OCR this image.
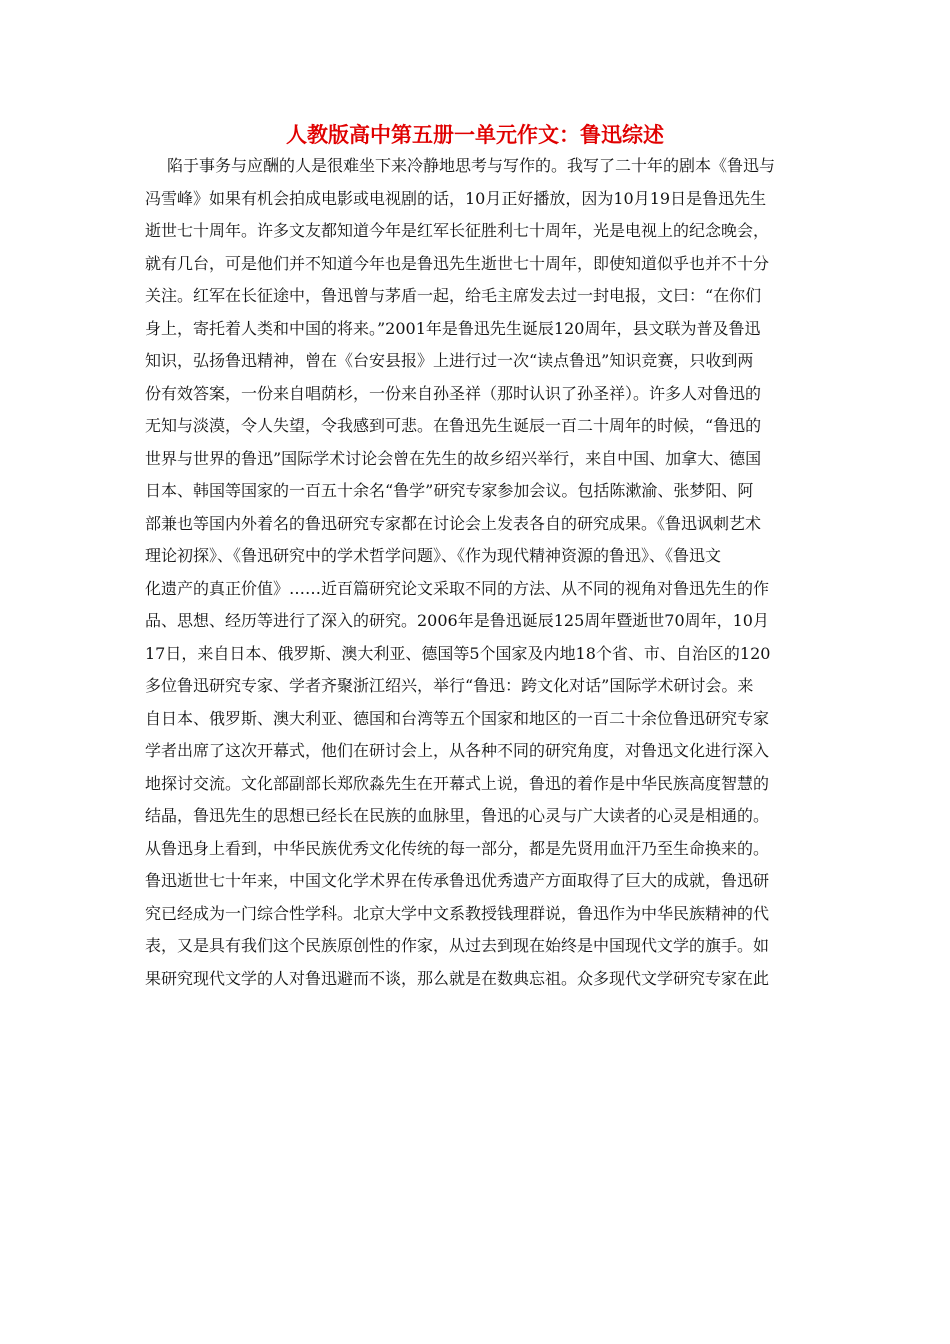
人教版高中第五册一单元作文：鲁迅综述
陷于事务与应酬的人是很难坐下来冷静地思考与写作的。我写了二十年的剧本《鲁迅与
冯雪峰》如果有机会拍成电影或电视剧的话，10月正好播放，因为10月19日是鲁迅先生
逝世七十周年。许多文友都知道今年是红军长征胜利七十周年，光是电视上的纪念晚会，
就有几台，可是他们并不知道今年也是鲁迅先生逝世七十周年，即使知道似乎也并不十分
关注。红军在长征途中，鲁迅曾与茅盾一起，给毛主席发去过一封电报，文曰：“在你们
身上，寄托着人类和中国的将来。”2001年是鲁迅先生诞辰120周年，县文联为普及鲁迅
知识，弘扬鲁迅精神，曾在《台安县报》上进行过一次“读点鲁迅”知识竞赛，只收到两
份有效答案，一份来自唱荫杉，一份来自孙圣祥（那时认识了孙圣祥）。许多人对鲁迅的
无知与淡漠，令人失望，令我感到可悲。在鲁迅先生诞辰一百二十周年的时候，“鲁迅的
世界与世界的鲁迅”国际学术讨论会曾在先生的故乡绍兴举行，来自中国、加拿大、德国
日本、韩国等国家的一百五十余名“鲁学”研究专家参加会议。包括陈漱渝、张梦阳、阿
部兼也等国内外着名的鲁迅研究专家都在讨论会上发表各自的研究成果。《鲁迅讽刺艺术
理论初探》、《鲁迅研究中的学术哲学问题》、《作为现代精神资源的鲁迅》、《鲁迅文
化遗产的真正价值》……近百篇研究论文采取不同的方法、从不同的视角对鲁迅先生的作
品、思想、经历等进行了深入的研究。2006年是鲁迅诞辰125周年暨逝世70周年，10月
17日，来自日本、俄罗斯、澳大利亚、德国等5个国家及内地18个省、市、自治区的120
多位鲁迅研究专家、学者齐聚浙江绍兴，举行“鲁迅：跨文化对话”国际学术研讨会。来
自日本、俄罗斯、澳大利亚、德国和台湾等五个国家和地区的一百二十余位鲁迅研究专家
学者出席了这次开幕式，他们在研讨会上，从各种不同的研究角度，对鲁迅文化进行深入
地探讨交流。文化部副部长郑欣淼先生在开幕式上说，鲁迅的着作是中华民族高度智慧的
结晶，鲁迅先生的思想已经长在民族的血脉里，鲁迅的心灵与广大读者的心灵是相通的。
从鲁迅身上看到，中华民族优秀文化传统的每一部分，都是先贤用血汗乃至生命换来的。
鲁迅逝世七十年来，中国文化学术界在传承鲁迅优秀遗产方面取得了巨大的成就，鲁迅研
究已经成为一门综合性学科。北京大学中文系教授钱理群说，鲁迅作为中华民族精神的代
表，又是具有我们这个民族原创性的作家，从过去到现在始终是中国现代文学的旗手。如
果研究现代文学的人对鲁迅避而不谈，那么就是在数典忘祖。众多现代文学研究专家在此
